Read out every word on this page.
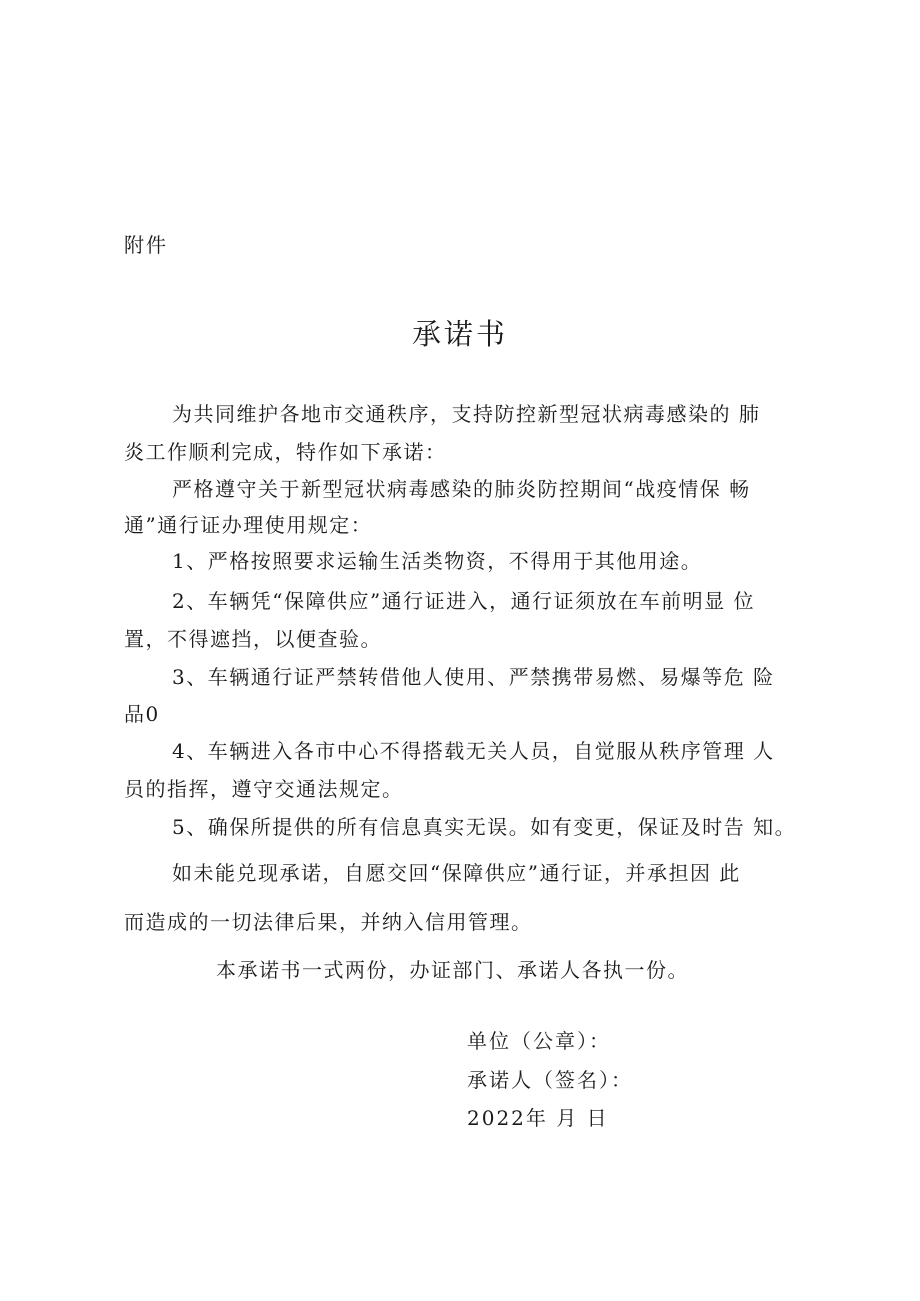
附件
承诺书
为共同维护各地市交通秩序，支持防控新型冠状病毒感染的 肺
炎工作顺利完成，特作如下承诺：
严格遵守关于新型冠状病毒感染的肺炎防控期间“战疫情保 畅
通”通行证办理使用规定：
1、严格按照要求运输生活类物资，不得用于其他用途。
2、车辆凭“保障供应”通行证进入，通行证须放在车前明显 位
置，不得遮挡，以便查验。
3、车辆通行证严禁转借他人使用、严禁携带易燃、易爆等危 险
品0
4、车辆进入各市中心不得搭载无关人员，自觉服从秩序管理 人
员的指挥，遵守交通法规定。
5、确保所提供的所有信息真实无误。如有变更，保证及时告 知。
如未能兑现承诺，自愿交回“保障供应”通行证，并承担因 此
而造成的一切法律后果，并纳入信用管理。
本承诺书一式两份，办证部门、承诺人各执一份。
单位（公章）：
承诺人（签名）：
2022年 月 日
